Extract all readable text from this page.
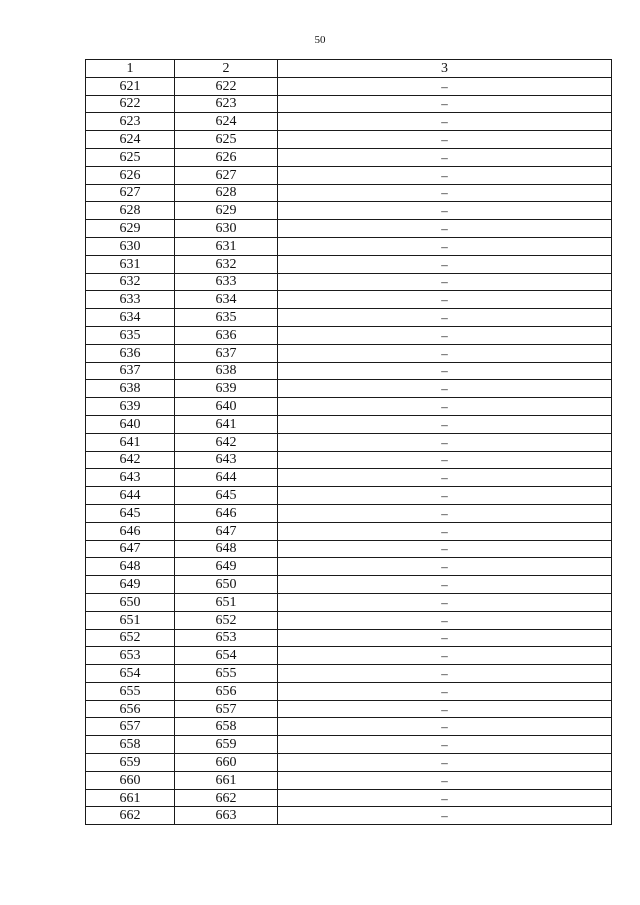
50
1	2	3
621	622	–
622	623	–
623	624	–
624	625	–
625	626	–
626	627	–
627	628	–
628	629	–
629	630	–
630	631	–
631	632	–
632	633	–
633	634	–
634	635	–
635	636	–
636	637	–
637	638	–
638	639	–
639	640	–
640	641	–
641	642	–
642	643	–
643	644	–
644	645	–
645	646	–
646	647	–
647	648	–
648	649	–
649	650	–
650	651	–
651	652	–
652	653	–
653	654	–
654	655	–
655	656	–
656	657	–
657	658	–
658	659	–
659	660	–
660	661	–
661	662	–
662	663	–
